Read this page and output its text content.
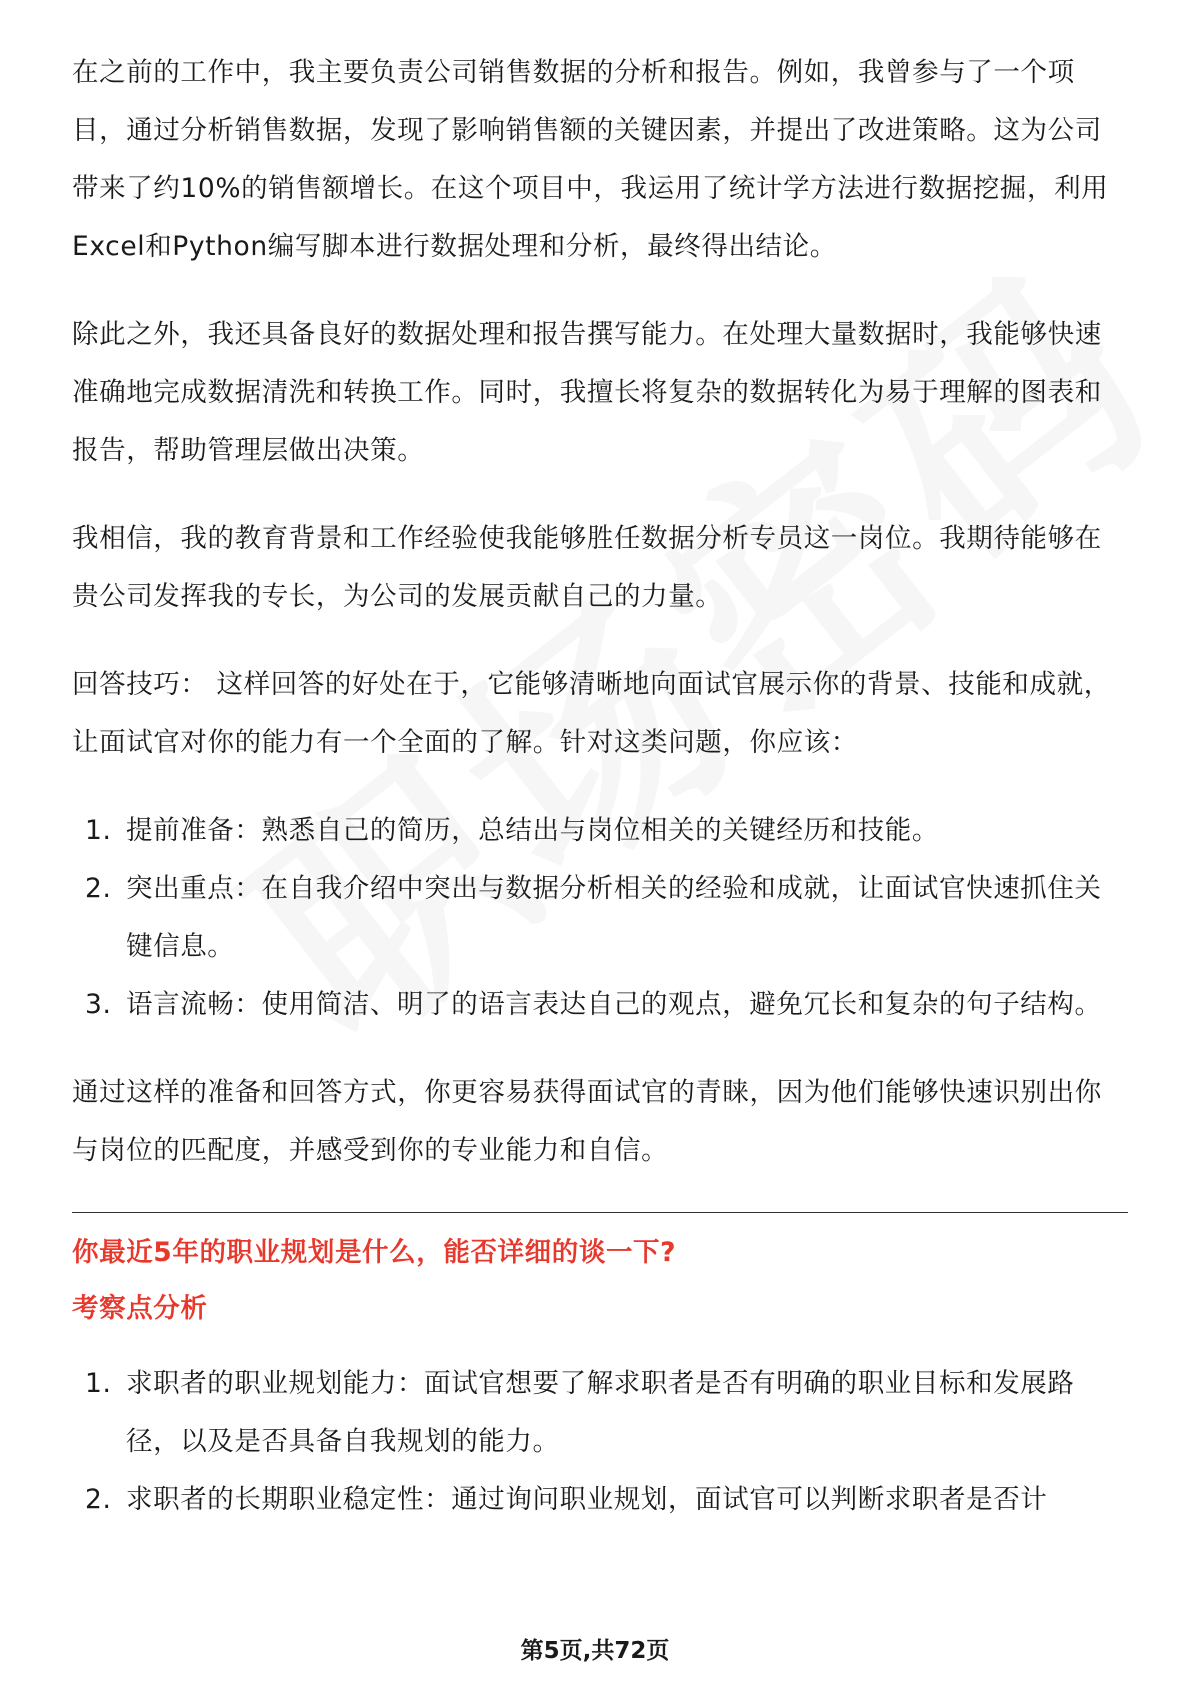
在之前的工作中，我主要负责公司销售数据的分析和报告。例如，我曾参与了一个项目，通过分析销售数据，发现了影响销售额的关键因素，并提出了改进策略。这为公司带来了约10%的销售额增长。在这个项目中，我运用了统计学方法进行数据挖掘，利用Excel和Python编写脚本进行数据处理和分析，最终得出结论。

除此之外，我还具备良好的数据处理和报告撰写能力。在处理大量数据时，我能够快速准确地完成数据清洗和转换工作。同时，我擅长将复杂的数据转化为易于理解的图表和报告，帮助管理层做出决策。

我相信，我的教育背景和工作经验使我能够胜任数据分析专员这一岗位。我期待能够在贵公司发挥我的专长，为公司的发展贡献自己的力量。

回答技巧： 这样回答的好处在于，它能够清晰地向面试官展示你的背景、技能和成就，让面试官对你的能力有一个全面的了解。针对这类问题，你应该：

1. 提前准备：熟悉自己的简历，总结出与岗位相关的关键经历和技能。
2. 突出重点：在自我介绍中突出与数据分析相关的经验和成就，让面试官快速抓住关键信息。
3. 语言流畅：使用简洁、明了的语言表达自己的观点，避免冗长和复杂的句子结构。

通过这样的准备和回答方式，你更容易获得面试官的青睐，因为他们能够快速识别出你与岗位的匹配度，并感受到你的专业能力和自信。

你最近5年的职业规划是什么，能否详细的谈一下?

考察点分析

1. 求职者的职业规划能力：面试官想要了解求职者是否有明确的职业目标和发展路径，以及是否具备自我规划的能力。
2. 求职者的长期职业稳定性：通过询问职业规划，面试官可以判断求职者是否计
第5页,共72页
